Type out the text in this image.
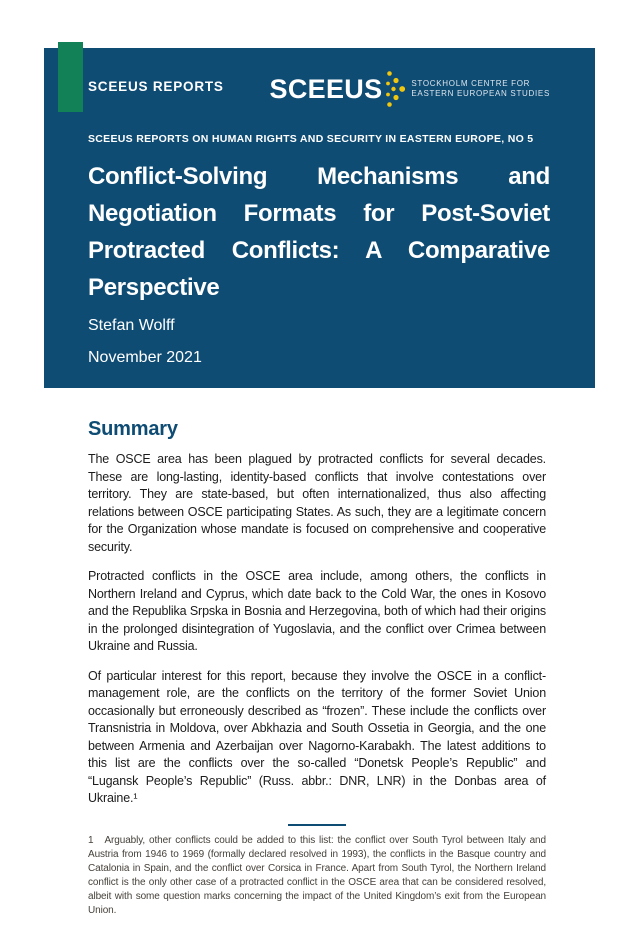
SCEEUS REPORTS SCEEUS	STOCKHOLM CENTRE FOR
EASTERN EUROPEAN STUDIES
SCEEUS REPORTS ON HUMAN RIGHTS AND SECURITY IN EASTERN EUROPE, NO 5
Conflict-Solving Mechanisms and
Negotiation Formats for Post-Soviet
Protracted Conflicts: A Comparative
Perspective
Stefan Wolff
November 2021
Summary

The OSCE area has been plagued by protracted conflicts for several decades. These are long-lasting, identity-based conflicts that involve contestations over territory. They are state-based, but often internationalized, thus also affecting relations between OSCE participating States. As such, they are a legitimate concern for the Organization whose mandate is focused on comprehensive and cooperative security.

Protracted conflicts in the OSCE area include, among others, the conflicts in Northern Ireland and Cyprus, which date back to the Cold War, the ones in Kosovo and the Republika Srpska in Bosnia and Herzegovina, both of which had their origins in the prolonged disintegration of Yugoslavia, and the conflict over Crimea between Ukraine and Russia.

Of particular interest for this report, because they involve the OSCE in a conflict-management role, are the conflicts on the territory of the former Soviet Union occasionally but erroneously described as “frozen”. These include the conflicts over Transnistria in Moldova, over Abkhazia and South Ossetia in Georgia, and the one between Armenia and Azerbaijan over Nagorno-Karabakh. The latest additions to this list are the conflicts over the so-called “Donetsk People’s Republic” and “Lugansk People’s Republic” (Russ. abbr.: DNR, LNR) in the Donbas area of Ukraine.¹

1 Arguably, other conflicts could be added to this list: the conflict over South Tyrol between Italy and Austria from 1946 to 1969 (formally declared resolved in 1993), the conflicts in the Basque country and Catalonia in Spain, and the conflict over Corsica in France. Apart from South Tyrol, the Northern Ireland conflict is the only other case of a protracted conflict in the OSCE area that can be considered resolved, albeit with some question marks concerning the impact of the United Kingdom’s exit from the European Union.
